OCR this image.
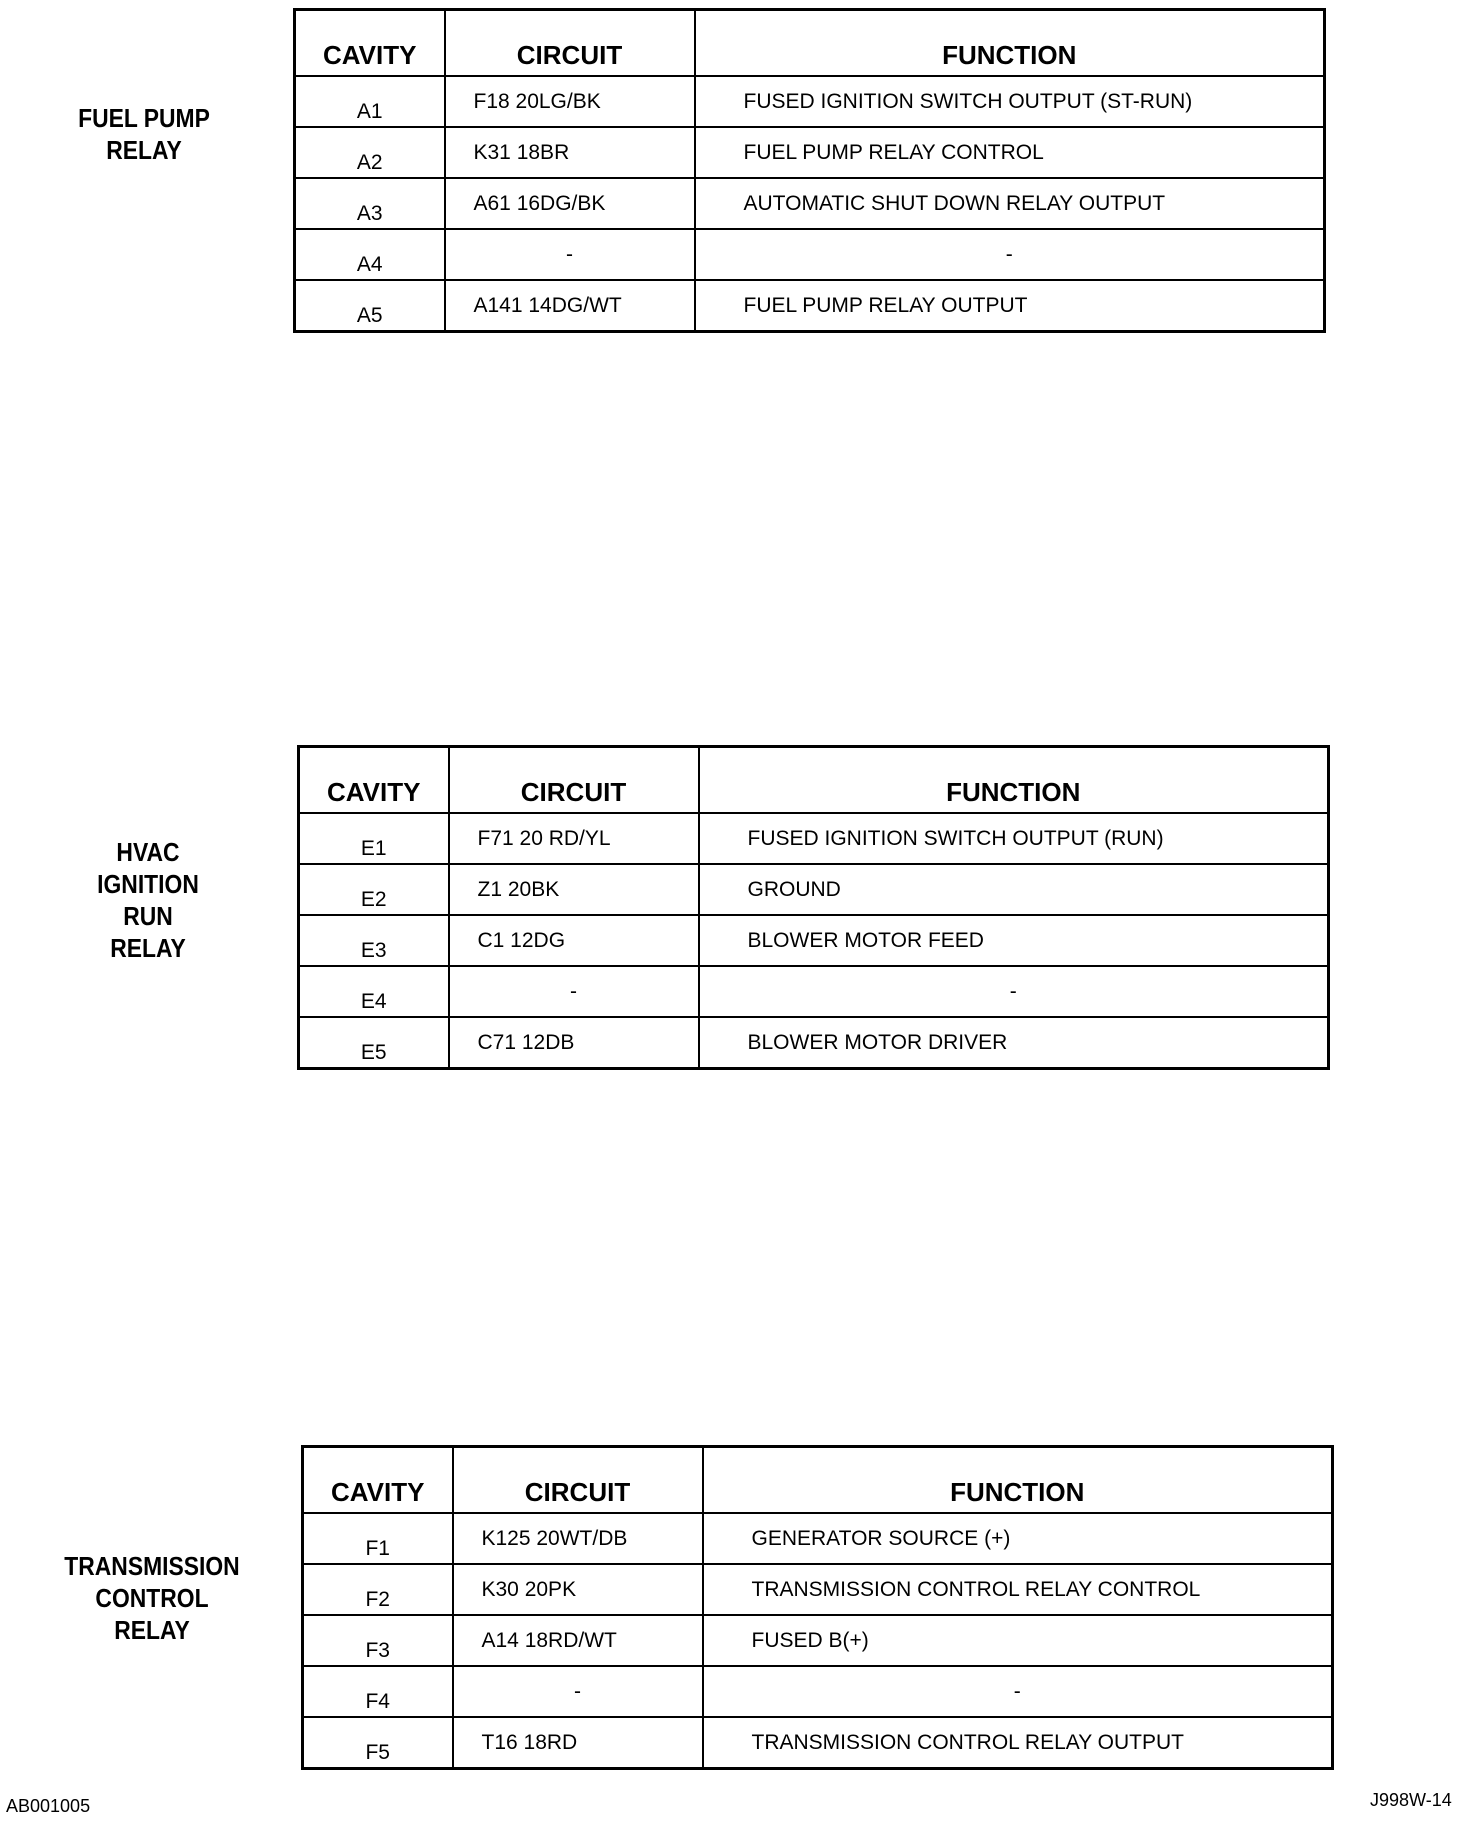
FUEL PUMP
RELAY
CAVITY	CIRCUIT	FUNCTION
A1	F18 20LG/BK	FUSED IGNITION SWITCH OUTPUT (ST-RUN)
A2	K31 18BR	FUEL PUMP RELAY CONTROL
A3	A61 16DG/BK	AUTOMATIC SHUT DOWN RELAY OUTPUT
A4	-	-
A5	A141 14DG/WT	FUEL PUMP RELAY OUTPUT
HVAC
IGNITION
RUN
RELAY
CAVITY	CIRCUIT	FUNCTION
E1	F71 20 RD/YL	FUSED IGNITION SWITCH OUTPUT (RUN)
E2	Z1 20BK	GROUND
E3	C1 12DG	BLOWER MOTOR FEED
E4	-	-
E5	C71 12DB	BLOWER MOTOR DRIVER
TRANSMISSION
CONTROL
RELAY
CAVITY	CIRCUIT	FUNCTION
F1	K125 20WT/DB	GENERATOR SOURCE (+)
F2	K30 20PK	TRANSMISSION CONTROL RELAY CONTROL
F3	A14 18RD/WT	FUSED B(+)
F4	-	-
F5	T16 18RD	TRANSMISSION CONTROL RELAY OUTPUT
AB001005	J998W-14
